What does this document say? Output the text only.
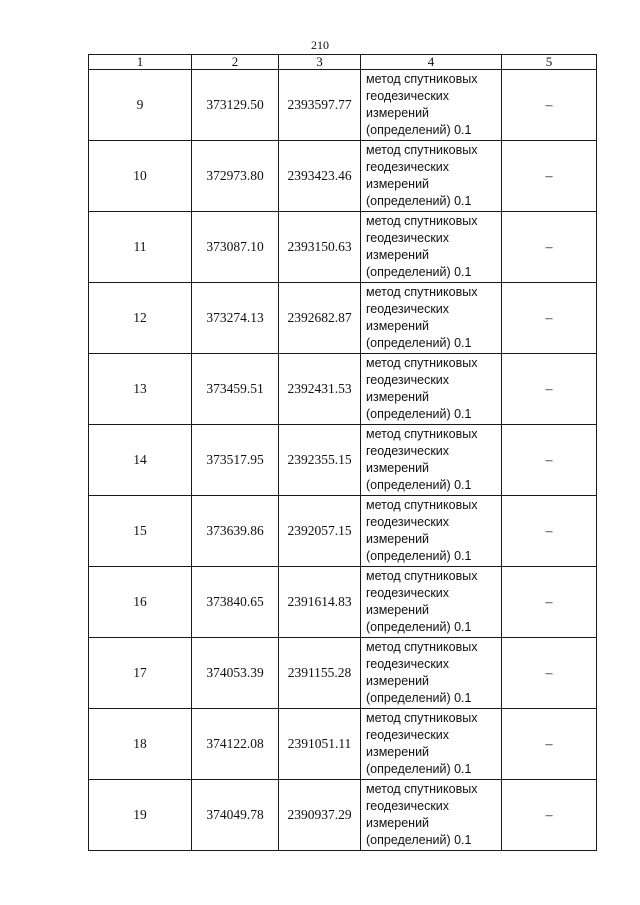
210
1	2	3	4	5
9	373129.50	2393597.77	метод спутниковых
геодезических
измерений
(определений) 0.1	–
10	372973.80	2393423.46	метод спутниковых
геодезических
измерений
(определений) 0.1	–
11	373087.10	2393150.63	метод спутниковых
геодезических
измерений
(определений) 0.1	–
12	373274.13	2392682.87	метод спутниковых
геодезических
измерений
(определений) 0.1	–
13	373459.51	2392431.53	метод спутниковых
геодезических
измерений
(определений) 0.1	–
14	373517.95	2392355.15	метод спутниковых
геодезических
измерений
(определений) 0.1	–
15	373639.86	2392057.15	метод спутниковых
геодезических
измерений
(определений) 0.1	–
16	373840.65	2391614.83	метод спутниковых
геодезических
измерений
(определений) 0.1	–
17	374053.39	2391155.28	метод спутниковых
геодезических
измерений
(определений) 0.1	–
18	374122.08	2391051.11	метод спутниковых
геодезических
измерений
(определений) 0.1	–
19	374049.78	2390937.29	метод спутниковых
геодезических
измерений
(определений) 0.1	–
